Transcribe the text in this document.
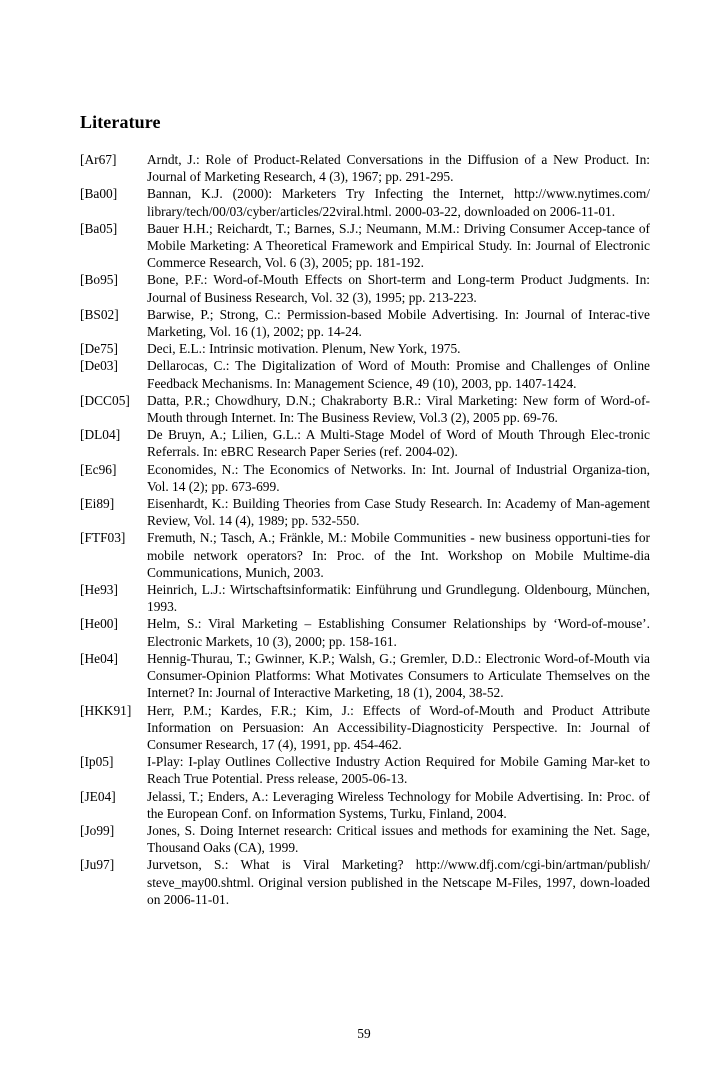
Literature
[Ar67]	Arndt, J.: Role of Product-Related Conversations in the Diffusion of a New Product. In: Journal of Marketing Research, 4 (3), 1967; pp. 291-295.
[Ba00]	Bannan, K.J. (2000): Marketers Try Infecting the Internet, http://www.nytimes.com/ library/tech/00/03/cyber/articles/22viral.html. 2000-03-22, downloaded on 2006-11-01.
[Ba05]	Bauer H.H.; Reichardt, T.; Barnes, S.J.; Neumann, M.M.: Driving Consumer Accep-tance of Mobile Marketing: A Theoretical Framework and Empirical Study. In: Journal of Electronic Commerce Research, Vol. 6 (3), 2005; pp. 181-192.
[Bo95]	Bone, P.F.: Word-of-Mouth Effects on Short-term and Long-term Product Judgments. In: Journal of Business Research, Vol. 32 (3), 1995; pp. 213-223.
[BS02]	Barwise, P.; Strong, C.: Permission-based Mobile Advertising. In: Journal of Interac-tive Marketing, Vol. 16 (1), 2002; pp. 14-24.
[De75]	Deci, E.L.: Intrinsic motivation. Plenum, New York, 1975.
[De03]	Dellarocas, C.: The Digitalization of Word of Mouth: Promise and Challenges of Online Feedback Mechanisms. In: Management Science, 49 (10), 2003, pp. 1407-1424.
[DCC05]	Datta, P.R.; Chowdhury, D.N.; Chakraborty B.R.: Viral Marketing: New form of Word-of-Mouth through Internet. In: The Business Review, Vol.3 (2), 2005 pp. 69-76.
[DL04]	De Bruyn, A.; Lilien, G.L.: A Multi-Stage Model of Word of Mouth Through Elec-tronic Referrals. In: eBRC Research Paper Series (ref. 2004-02).
[Ec96]	Economides, N.: The Economics of Networks. In: Int. Journal of Industrial Organiza-tion, Vol. 14 (2); pp. 673-699.
[Ei89]	Eisenhardt, K.: Building Theories from Case Study Research. In: Academy of Man-agement Review, Vol. 14 (4), 1989; pp. 532-550.
[FTF03]	Fremuth, N.; Tasch, A.; Fränkle, M.: Mobile Communities - new business opportuni-ties for mobile network operators? In: Proc. of the Int. Workshop on Mobile Multime-dia Communications, Munich, 2003.
[He93]	Heinrich, L.J.: Wirtschaftsinformatik: Einführung und Grundlegung. Oldenbourg, München, 1993.
[He00]	Helm, S.: Viral Marketing – Establishing Consumer Relationships by ‘Word-of-mouse’. Electronic Markets, 10 (3), 2000; pp. 158-161.
[He04]	Hennig-Thurau, T.; Gwinner, K.P.; Walsh, G.; Gremler, D.D.: Electronic Word-of-Mouth via Consumer-Opinion Platforms: What Motivates Consumers to Articulate Themselves on the Internet? In: Journal of Interactive Marketing, 18 (1), 2004, 38-52.
[HKK91]	Herr, P.M.; Kardes, F.R.; Kim, J.: Effects of Word-of-Mouth and Product Attribute Information on Persuasion: An Accessibility-Diagnosticity Perspective. In: Journal of Consumer Research, 17 (4), 1991, pp. 454-462.
[Ip05]	I-Play: I-play Outlines Collective Industry Action Required for Mobile Gaming Mar-ket to Reach True Potential. Press release, 2005-06-13.
[JE04]	Jelassi, T.; Enders, A.: Leveraging Wireless Technology for Mobile Advertising. In: Proc. of the European Conf. on Information Systems, Turku, Finland, 2004.
[Jo99]	Jones, S. Doing Internet research: Critical issues and methods for examining the Net. Sage, Thousand Oaks (CA), 1999.
[Ju97]	Jurvetson, S.: What is Viral Marketing? http://www.dfj.com/cgi-bin/artman/publish/ steve_may00.shtml. Original version published in the Netscape M-Files, 1997, down-loaded on 2006-11-01.
59
